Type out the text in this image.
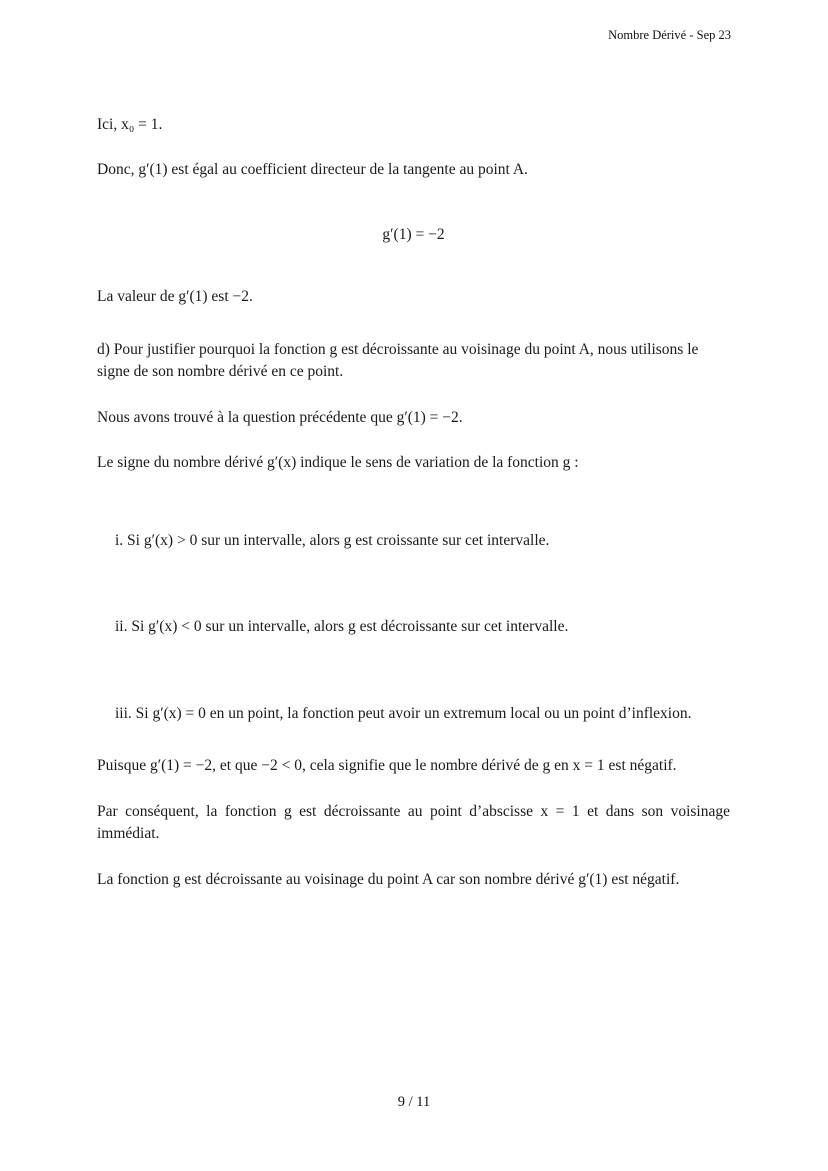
Nombre Dérivé - Sep 23

Ici, x₀ = 1.

Donc, g′(1) est égal au coefficient directeur de la tangente au point A.

g′(1) = −2

La valeur de g′(1) est −2.

d) Pour justifier pourquoi la fonction g est décroissante au voisinage du point A, nous utilisons le signe de son nombre dérivé en ce point.

Nous avons trouvé à la question précédente que g′(1) = −2.

Le signe du nombre dérivé g′(x) indique le sens de variation de la fonction g :

i. Si g′(x) > 0 sur un intervalle, alors g est croissante sur cet intervalle.

ii. Si g′(x) < 0 sur un intervalle, alors g est décroissante sur cet intervalle.

iii. Si g′(x) = 0 en un point, la fonction peut avoir un extremum local ou un point d’inflexion.

Puisque g′(1) = −2, et que −2 < 0, cela signifie que le nombre dérivé de g en x = 1 est négatif.

Par conséquent, la fonction g est décroissante au point d’abscisse x = 1 et dans son voisinage immédiat.

La fonction g est décroissante au voisinage du point A car son nombre dérivé g′(1) est négatif.

9 / 11
